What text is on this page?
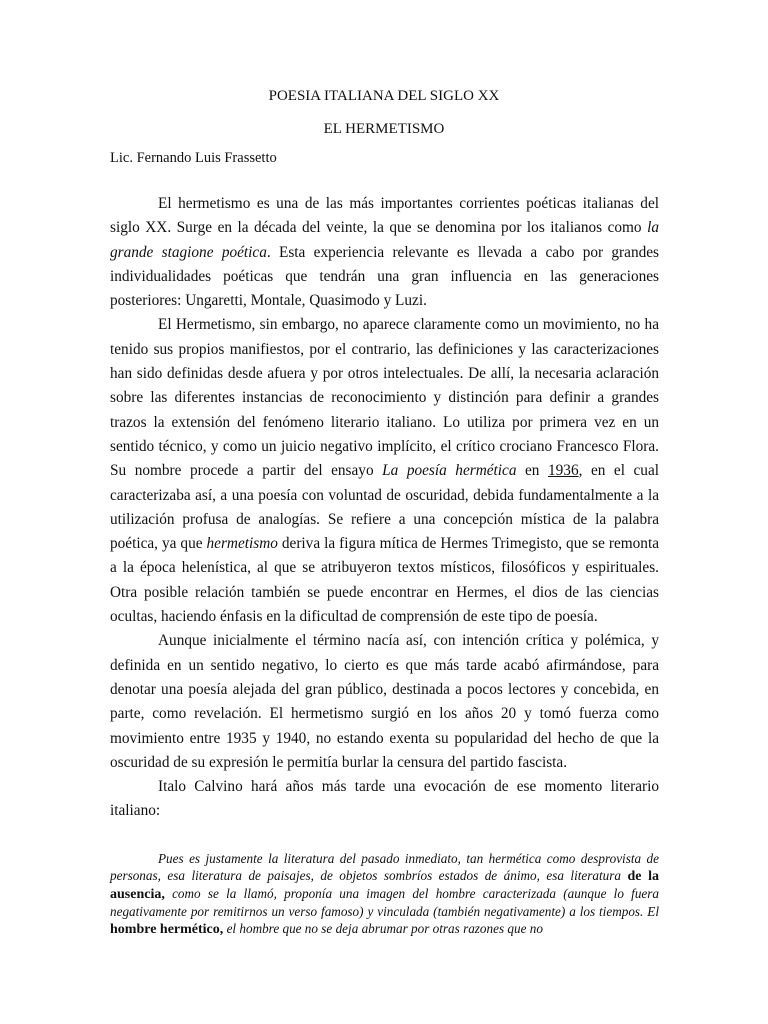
POESIA ITALIANA DEL SIGLO XX

EL HERMETISMO

Lic. Fernando Luis Frassetto

El hermetismo es una de las más importantes corrientes poéticas italianas del siglo XX. Surge en la década del veinte, la que se denomina por los italianos como la grande stagione poética. Esta experiencia relevante es llevada a cabo por grandes individualidades poéticas que tendrán una gran influencia en las generaciones posteriores: Ungaretti, Montale, Quasimodo y Luzi.

El Hermetismo, sin embargo, no aparece claramente como un movimiento, no ha tenido sus propios manifiestos, por el contrario, las definiciones y las caracterizaciones han sido definidas desde afuera y por otros intelectuales. De allí, la necesaria aclaración sobre las diferentes instancias de reconocimiento y distinción para definir a grandes trazos la extensión del fenómeno literario italiano. Lo utiliza por primera vez en un sentido técnico, y como un juicio negativo implícito, el crítico crociano Francesco Flora. Su nombre procede a partir del ensayo La poesía hermética en 1936, en el cual caracterizaba así, a una poesía con voluntad de oscuridad, debida fundamentalmente a la utilización profusa de analogías. Se refiere a una concepción mística de la palabra poética, ya que hermetismo deriva la figura mítica de Hermes Trimegisto, que se remonta a la época helenística, al que se atribuyeron textos místicos, filosóficos y espirituales. Otra posible relación también se puede encontrar en Hermes, el dios de las ciencias ocultas, haciendo énfasis en la dificultad de comprensión de este tipo de poesía.

Aunque inicialmente el término nacía así, con intención crítica y polémica, y definida en un sentido negativo, lo cierto es que más tarde acabó afirmándose, para denotar una poesía alejada del gran público, destinada a pocos lectores y concebida, en parte, como revelación. El hermetismo surgió en los años 20 y tomó fuerza como movimiento entre 1935 y 1940, no estando exenta su popularidad del hecho de que la oscuridad de su expresión le permitía burlar la censura del partido fascista.

Italo Calvino hará años más tarde una evocación de ese momento literario italiano:

Pues es justamente la literatura del pasado inmediato, tan hermética como desprovista de personas, esa literatura de paisajes, de objetos sombríos estados de ánimo, esa literatura de la ausencia, como se la llamó, proponía una imagen del hombre caracterizada (aunque lo fuera negativamente por remitirnos un verso famoso) y vinculada (también negativamente) a los tiempos. El hombre hermético, el hombre que no se deja abrumar por otras razones que no
